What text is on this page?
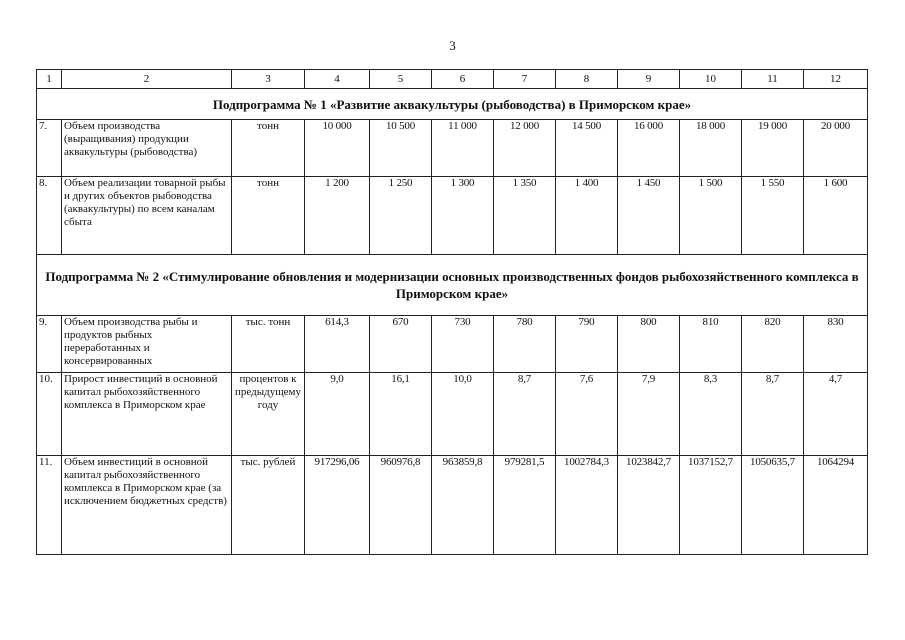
3
1	2	3	4	5	6	7	8	9	10	11	12
Подпрограмма № 1 «Развитие аквакультуры (рыбоводства) в Приморском крае»											
7.	Объем производства (выращивания) продукции аквакультуры (рыбоводства)	тонн	10 000	10 500	11 000	12 000	14 500	16 000	18 000	19 000	20 000
8.	Объем реализации товарной рыбы и других объектов рыбоводства (аквакультуры) по всем каналам сбыта	тонн	1 200	1 250	1 300	1 350	1 400	1 450	1 500	1 550	1 600
Подпрограмма № 2 «Стимулирование обновления и модернизации основных производственных фондов рыбохозяйственного комплекса в Приморском крае»											
9.	Объем производства рыбы и продуктов рыбных переработанных и консервированных	тыс. тонн	614,3	670	730	780	790	800	810	820	830
10.	Прирост инвестиций в основной капитал рыбохозяйственного комплекса в Приморском крае	процентов к предыдущему году	9,0	16,1	10,0	8,7	7,6	7,9	8,3	8,7	4,7
11.	Объем инвестиций в основной капитал рыбохозяйственного комплекса в Приморском крае (за исключением бюджетных средств)	тыс. рублей	917296,06	960976,8	963859,8	979281,5	1002784,3	1023842,7	1037152,7	1050635,7	1064294
